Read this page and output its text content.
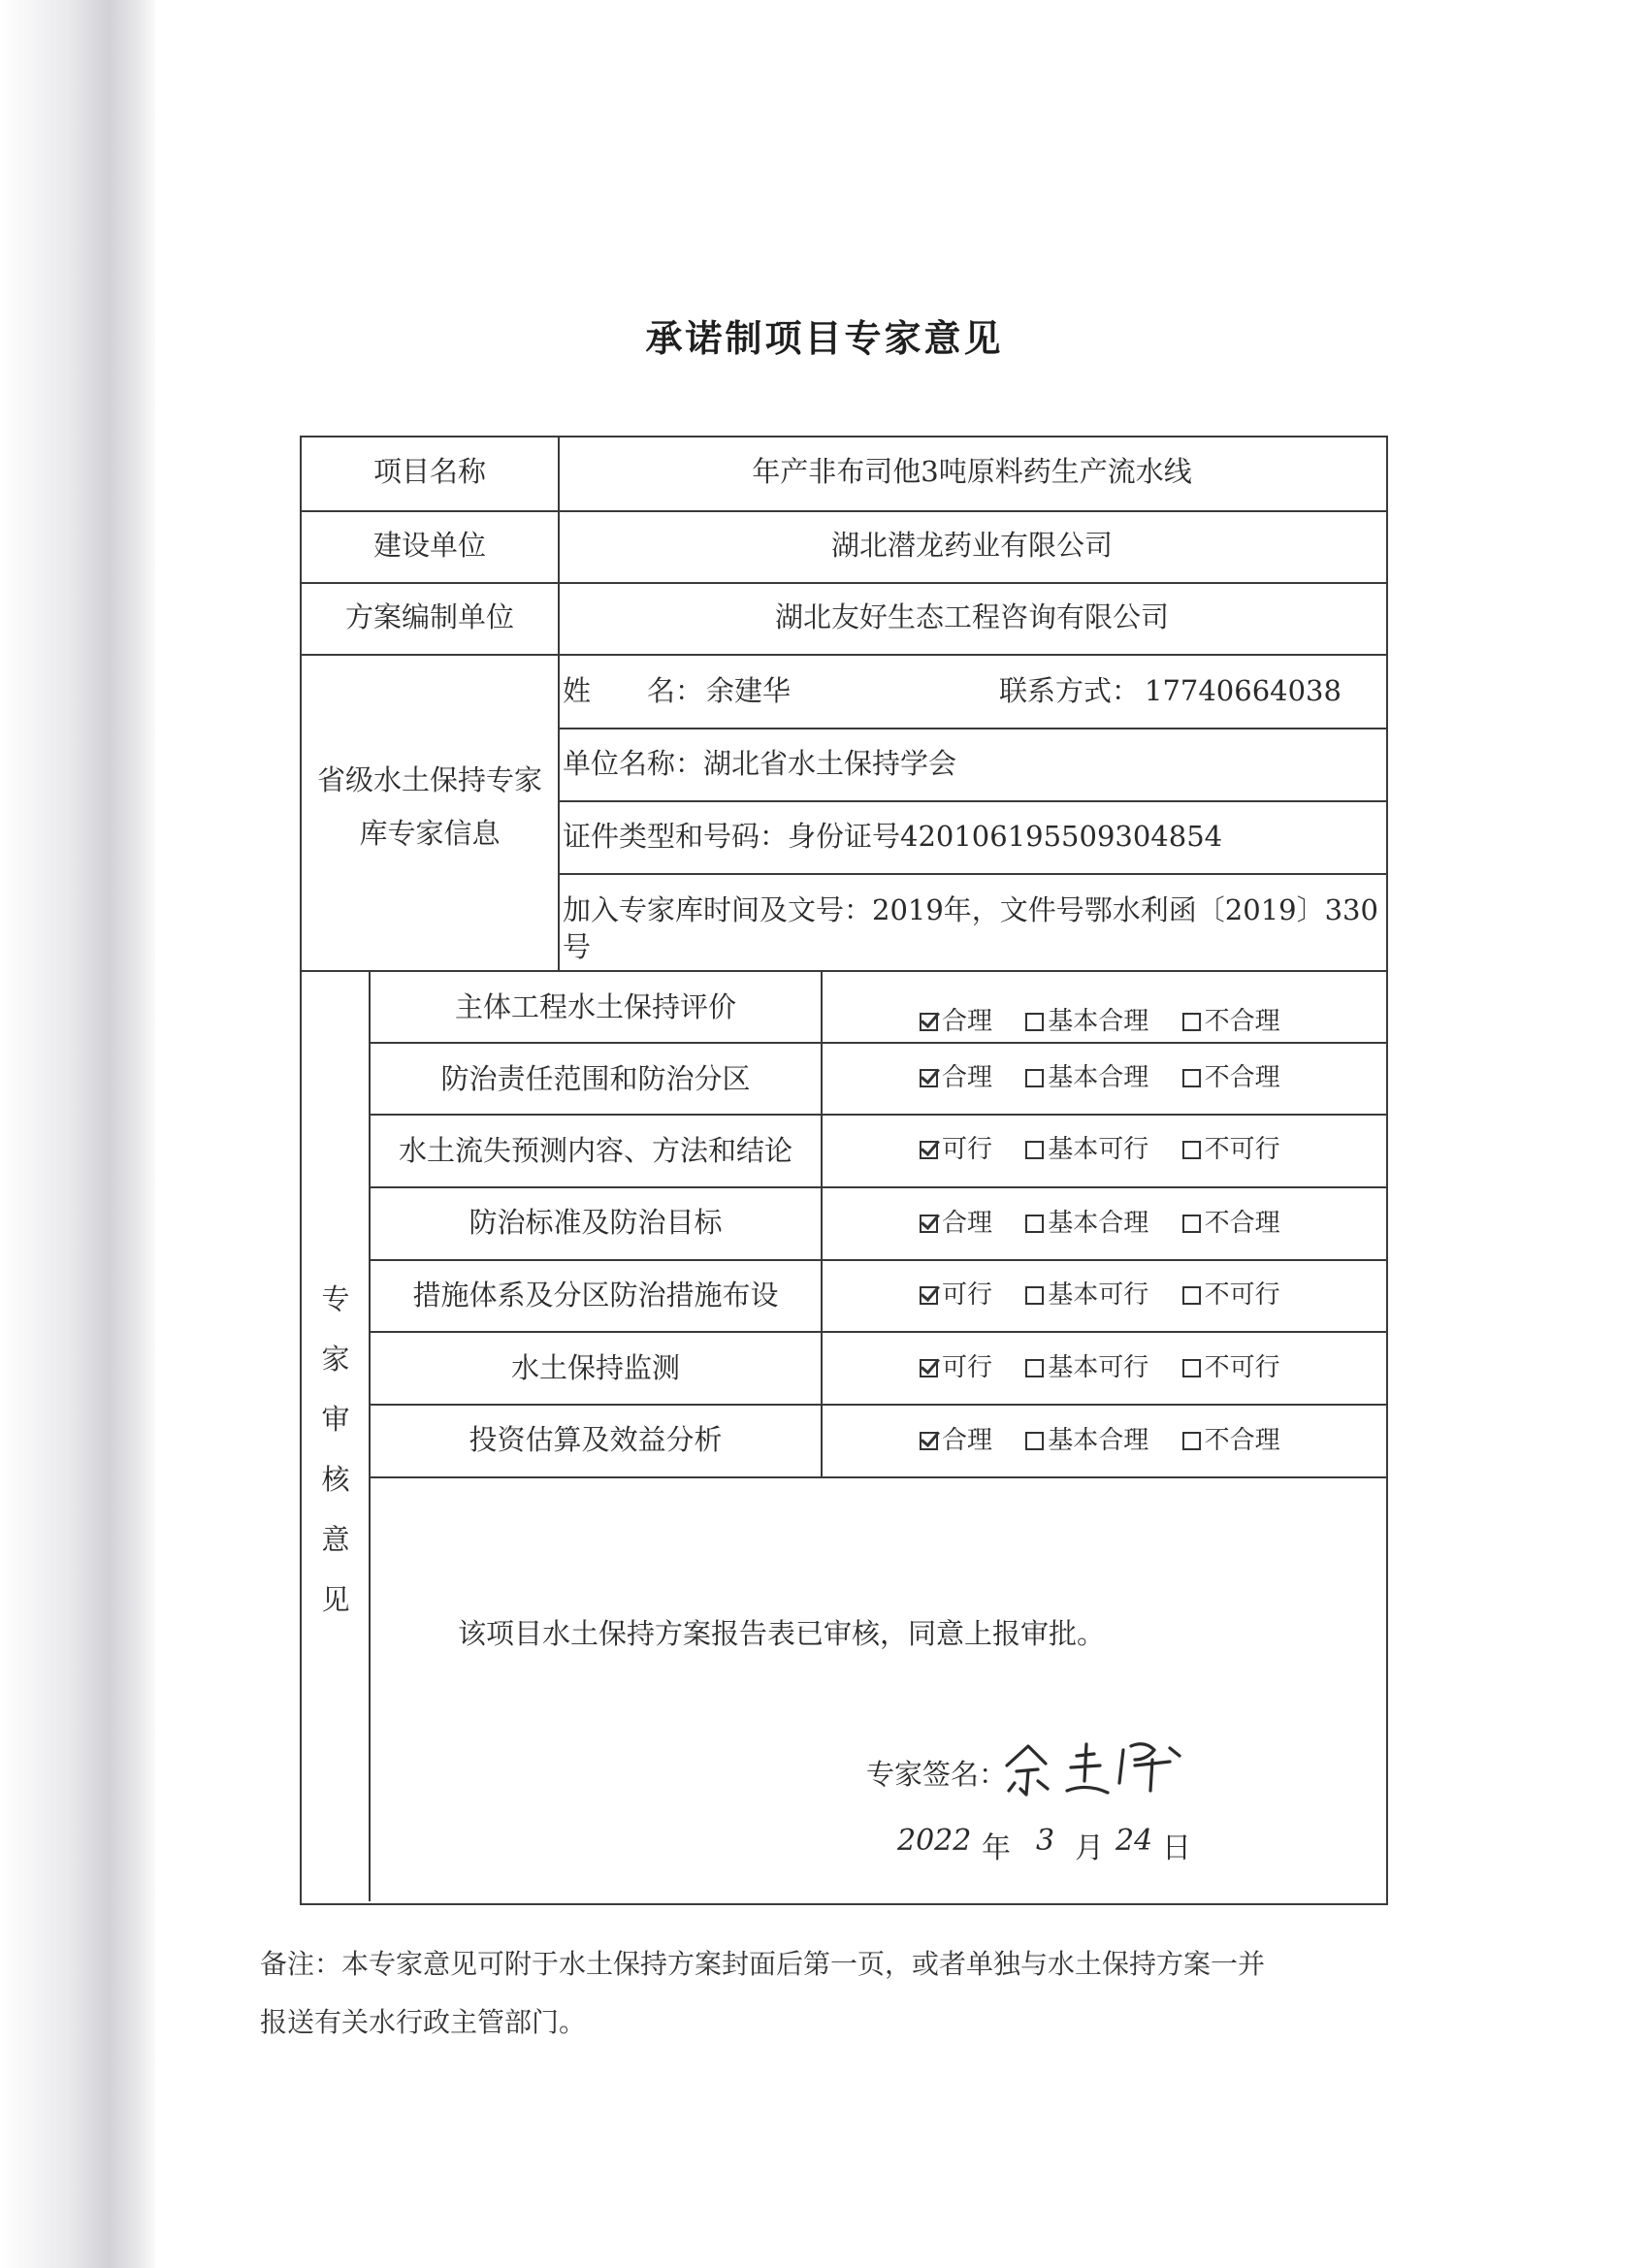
承诺制项目专家意见
项目名称	年产非布司他3吨原料药生产流水线
建设单位	湖北潜龙药业有限公司
方案编制单位	湖北友好生态工程咨询有限公司
省级水土保持专家
库专家信息
姓　　名： 余建华	联系方式： 17740664038
单位名称：湖北省水土保持学会
证件类型和号码：身份证号420106195509304854
加入专家库时间及文号：2019年，文件号鄂水利函〔2019〕330
号
专
家
审
核
意
见
主体工程水土保持评价	合理 基本合理 不合理
防治责任范围和防治分区	合理 基本合理 不合理
水土流失预测内容、方法和结论	可行 基本可行 不可行
防治标准及防治目标	合理 基本合理 不合理
措施体系及分区防治措施布设	可行 基本可行 不可行
水土保持监测	可行 基本可行 不可行
投资估算及效益分析	合理 基本合理 不合理
该项目水土保持方案报告表已审核，同意上报审批。
专家签名：
2022 年 3 月 24 日
备注：本专家意见可附于水土保持方案封面后第一页，或者单独与水土保持方案一并
报送有关水行政主管部门。
